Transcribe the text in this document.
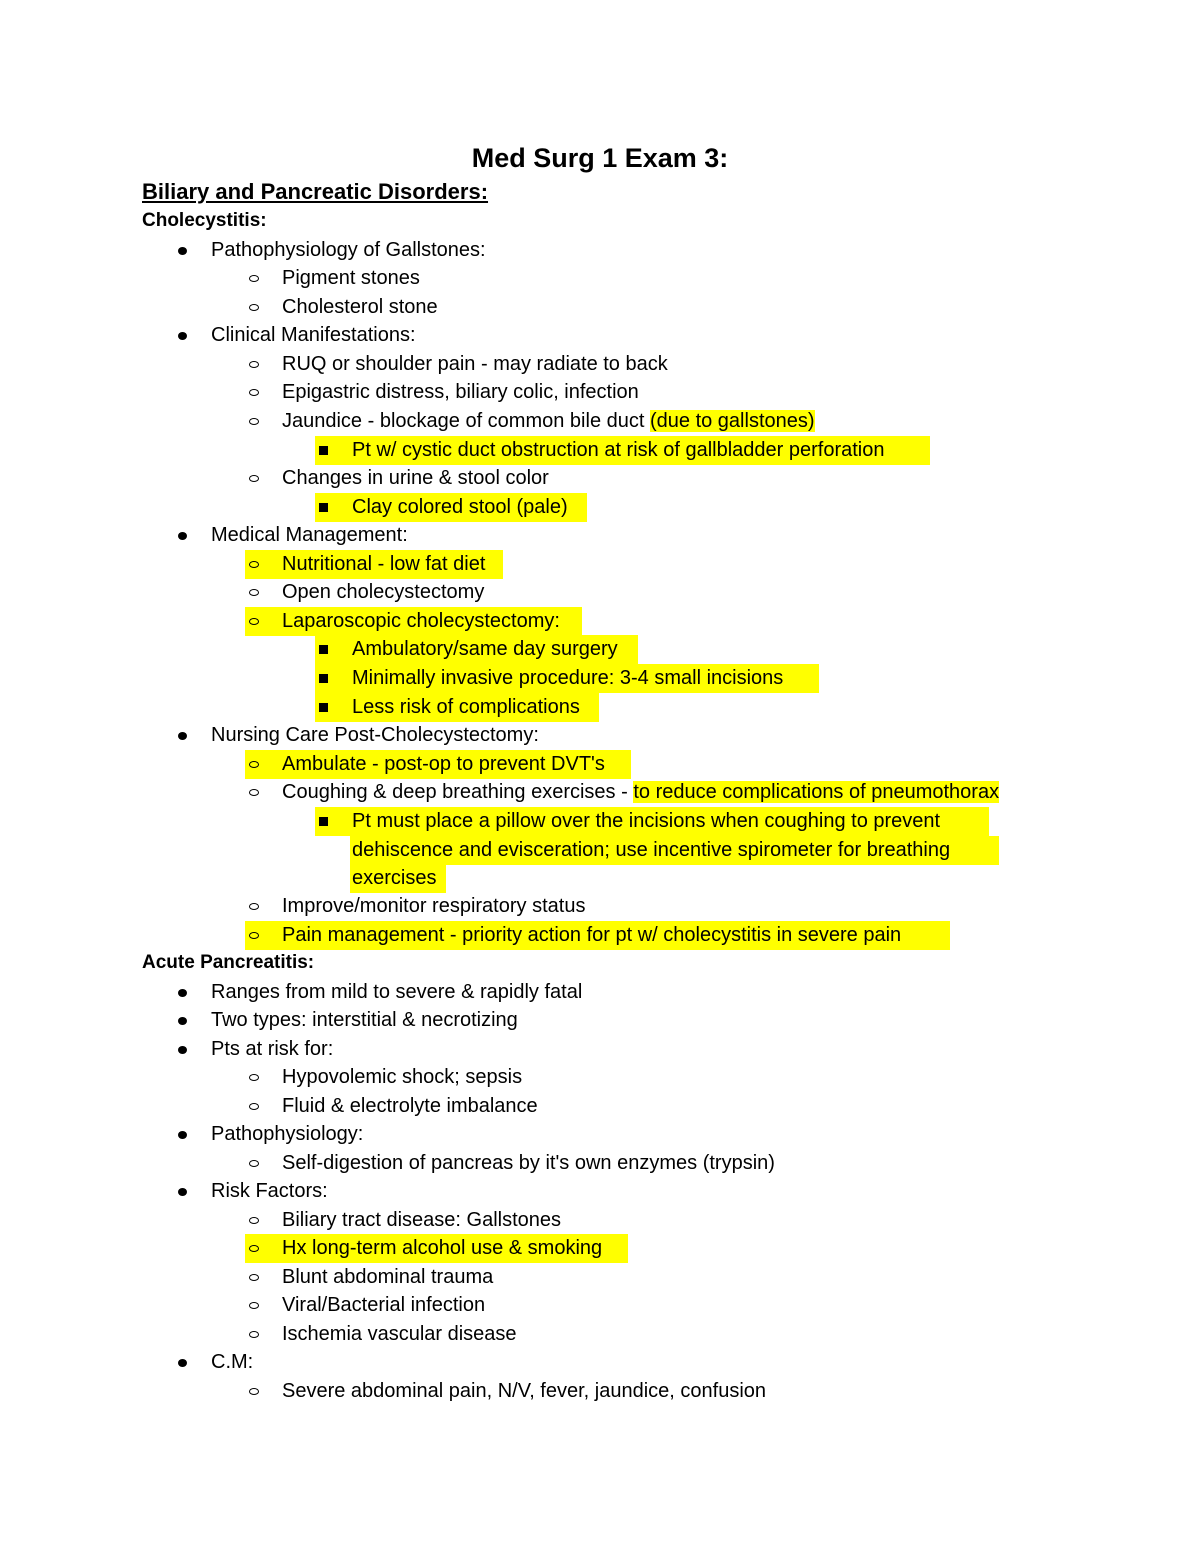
Med Surg 1 Exam 3:
Biliary and Pancreatic Disorders:
Cholecystitis:
Pathophysiology of Gallstones:
Pigment stones
Cholesterol stone
Clinical Manifestations:
RUQ or shoulder pain - may radiate to back
Epigastric distress, biliary colic, infection
Jaundice - blockage of common bile duct (due to gallstones)
Pt w/ cystic duct obstruction at risk of gallbladder perforation
Changes in urine & stool color
Clay colored stool (pale)
Medical Management:
Nutritional - low fat diet
Open cholecystectomy
Laparoscopic cholecystectomy:
Ambulatory/same day surgery
Minimally invasive procedure: 3-4 small incisions
Less risk of complications
Nursing Care Post-Cholecystectomy:
Ambulate - post-op to prevent DVT's
Coughing & deep breathing exercises - to reduce complications of pneumothorax
Pt must place a pillow over the incisions when coughing to prevent
dehiscence and evisceration; use incentive spirometer for breathing
exercises
Improve/monitor respiratory status
Pain management - priority action for pt w/ cholecystitis in severe pain
Acute Pancreatitis:
Ranges from mild to severe & rapidly fatal
Two types: interstitial & necrotizing
Pts at risk for:
Hypovolemic shock; sepsis
Fluid & electrolyte imbalance
Pathophysiology:
Self-digestion of pancreas by it's own enzymes (trypsin)
Risk Factors:
Biliary tract disease: Gallstones
Hx long-term alcohol use & smoking
Blunt abdominal trauma
Viral/Bacterial infection
Ischemia vascular disease
C.M:
Severe abdominal pain, N/V, fever, jaundice, confusion
